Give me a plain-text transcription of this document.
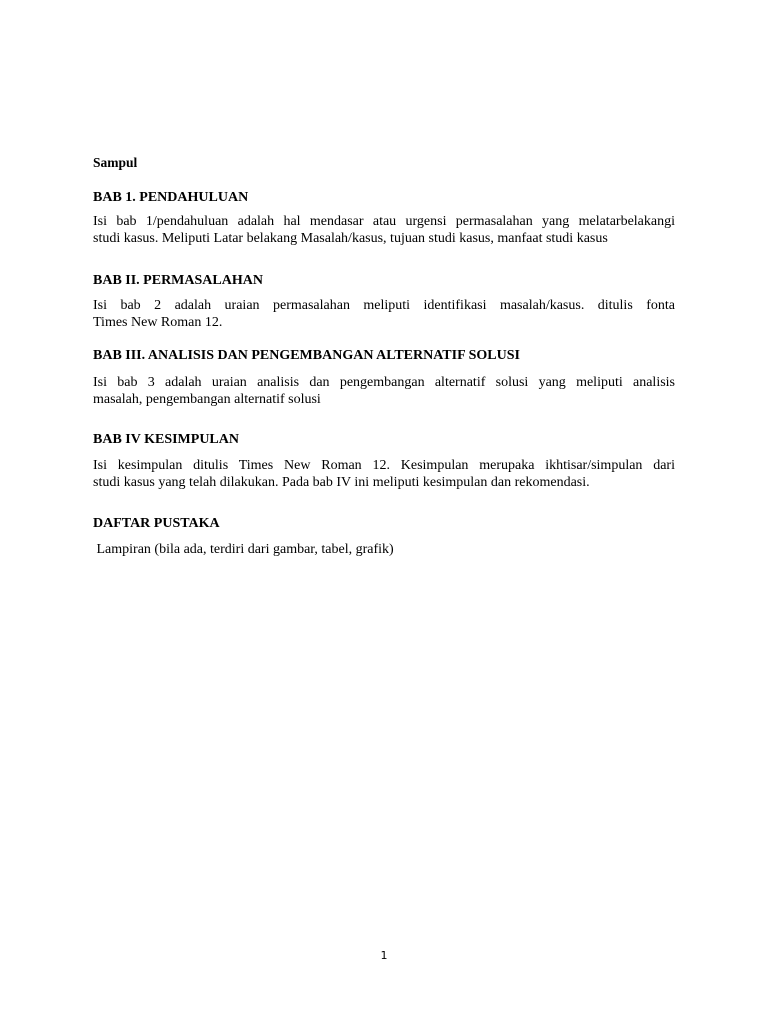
Sampul
BAB 1. PENDAHULUAN
Isi bab 1/pendahuluan adalah hal mendasar atau urgensi permasalahan yang melatarbelakangi
studi kasus. Meliputi Latar belakang Masalah/kasus, tujuan studi kasus, manfaat studi kasus
BAB II. PERMASALAHAN
Isi bab 2 adalah uraian permasalahan meliputi identifikasi masalah/kasus. ditulis fonta
Times New Roman 12.
BAB III. ANALISIS DAN PENGEMBANGAN ALTERNATIF SOLUSI
Isi bab 3 adalah uraian analisis dan pengembangan alternatif solusi yang meliputi analisis
masalah, pengembangan alternatif solusi
BAB IV KESIMPULAN
Isi kesimpulan ditulis Times New Roman 12. Kesimpulan merupaka ikhtisar/simpulan dari
studi kasus yang telah dilakukan. Pada bab IV ini meliputi kesimpulan dan rekomendasi.
DAFTAR PUSTAKA
Lampiran (bila ada, terdiri dari gambar, tabel, grafik)
1
